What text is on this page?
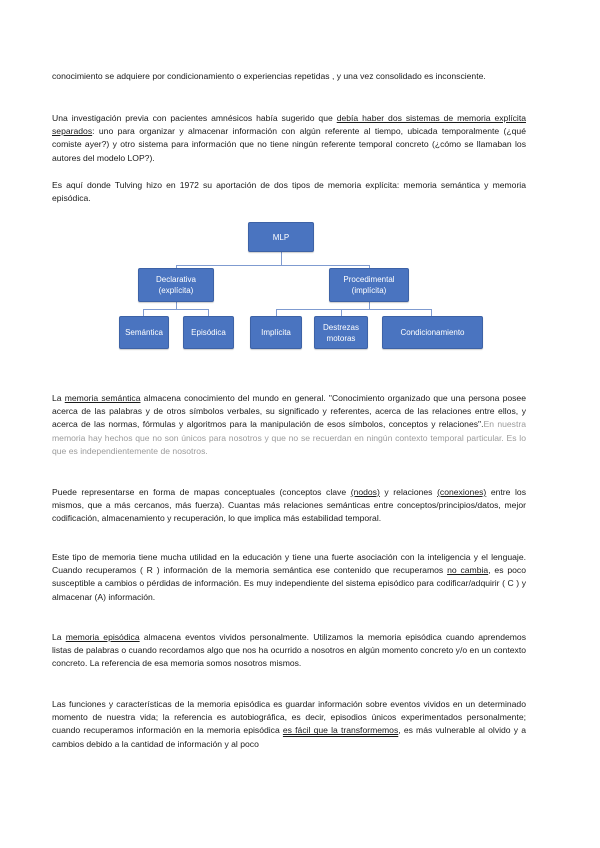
conocimiento se adquiere por condicionamiento o experiencias repetidas , y una vez consolidado es inconsciente.

Una investigación previa con pacientes amnésicos había sugerido que debía haber dos sistemas de memoria explícita separados: uno para organizar y almacenar información con algún referente al tiempo, ubicada temporalmente (¿qué comiste ayer?) y otro sistema para información que no tiene ningún referente temporal concreto (¿cómo se llamaban los autores del modelo LOP?).

Es aquí donde Tulving hizo en 1972 su aportación de dos tipos de memoria explícita: memoria semántica y memoria episódica.

MLP
Declarativa
(explícita)
Procedimental
(implícita)
Semántica	Episódica	Implícita
Destrezas
motoras
Condicionamiento

La memoria semántica almacena conocimiento del mundo en general. "Conocimiento organizado que una persona posee acerca de las palabras y de otros símbolos verbales, su significado y referentes, acerca de las relaciones entre ellos, y acerca de las normas, fórmulas y algoritmos para la manipulación de esos símbolos, conceptos y relaciones".En nuestra memoria hay hechos que no son únicos para nosotros y que no se recuerdan en ningún contexto temporal particular. Es lo que es independientemente de nosotros.

Puede representarse en forma de mapas conceptuales (conceptos clave (nodos) y relaciones (conexiones) entre los mismos, que a más cercanos, más fuerza). Cuantas más relaciones semánticas entre conceptos/principios/datos, mejor codificación, almacenamiento y recuperación, lo que implica más estabilidad temporal.

Este tipo de memoria tiene mucha utilidad en la educación y tiene una fuerte asociación con la inteligencia y el lenguaje. Cuando recuperamos ( R ) información de la memoria semántica ese contenido que recuperamos no cambia, es poco susceptible a cambios o pérdidas de información. Es muy independiente del sistema episódico para codificar/adquirir ( C ) y almacenar (A) información.

La memoria episódica almacena eventos vividos personalmente. Utilizamos la memoria episódica cuando aprendemos listas de palabras o cuando recordamos algo que nos ha ocurrido a nosotros en algún momento concreto y/o en un contexto concreto. La referencia de esa memoria somos nosotros mismos.

Las funciones y características de la memoria episódica es guardar información sobre eventos vividos en un determinado momento de nuestra vida; la referencia es autobiográfica, es decir, episodios únicos experimentados personalmente; cuando recuperamos información en la memoria episódica es fácil que la transformemos, es más vulnerable al olvido y a cambios debido a la cantidad de información y al poco
